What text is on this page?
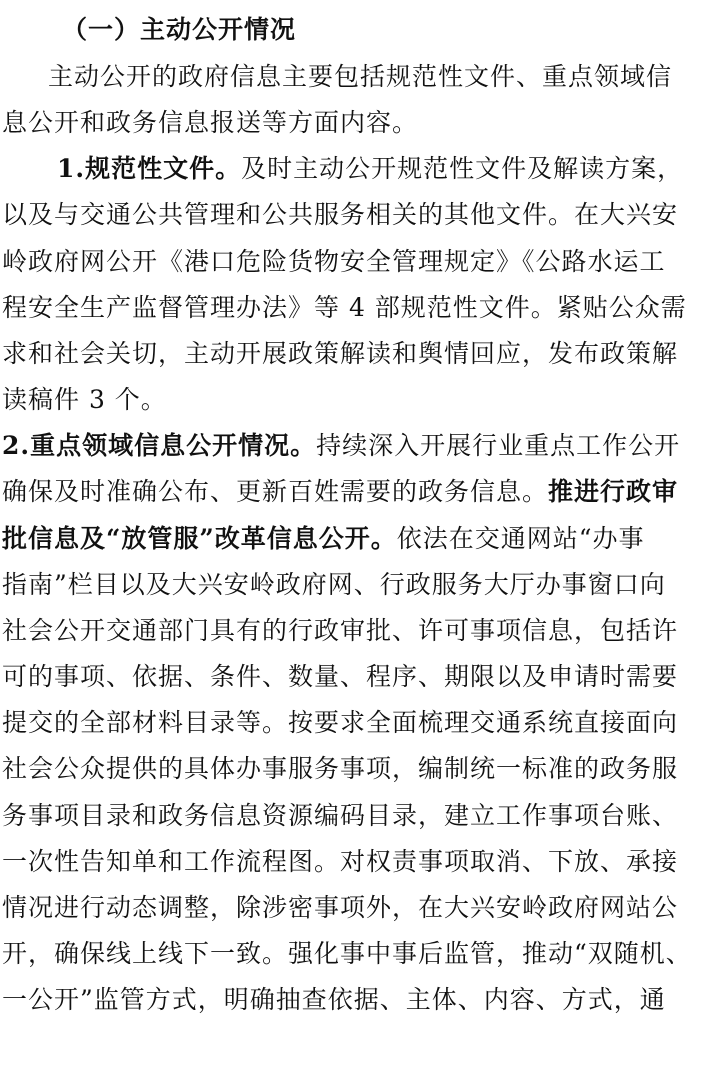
（一）主动公开情况
主动公开的政府信息主要包括规范性文件、重点领域信
息公开和政务信息报送等方面内容。
1.规范性文件。及时主动公开规范性文件及解读方案，
以及与交通公共管理和公共服务相关的其他文件。在大兴安
岭政府网公开《港口危险货物安全管理规定》《公路水运工
程安全生产监督管理办法》等 4 部规范性文件。紧贴公众需
求和社会关切，主动开展政策解读和舆情回应，发布政策解
读稿件 3 个。
2.重点领域信息公开情况。持续深入开展行业重点工作公开
确保及时准确公布、更新百姓需要的政务信息。推进行政审
批信息及“放管服”改革信息公开。依法在交通网站“办事
指南”栏目以及大兴安岭政府网、行政服务大厅办事窗口向
社会公开交通部门具有的行政审批、许可事项信息，包括许
可的事项、依据、条件、数量、程序、期限以及申请时需要
提交的全部材料目录等。按要求全面梳理交通系统直接面向
社会公众提供的具体办事服务事项，编制统一标准的政务服
务事项目录和政务信息资源编码目录，建立工作事项台账、
一次性告知单和工作流程图。对权责事项取消、下放、承接
情况进行动态调整，除涉密事项外，在大兴安岭政府网站公
开，确保线上线下一致。强化事中事后监管，推动“双随机、
一公开”监管方式，明确抽查依据、主体、内容、方式，通
